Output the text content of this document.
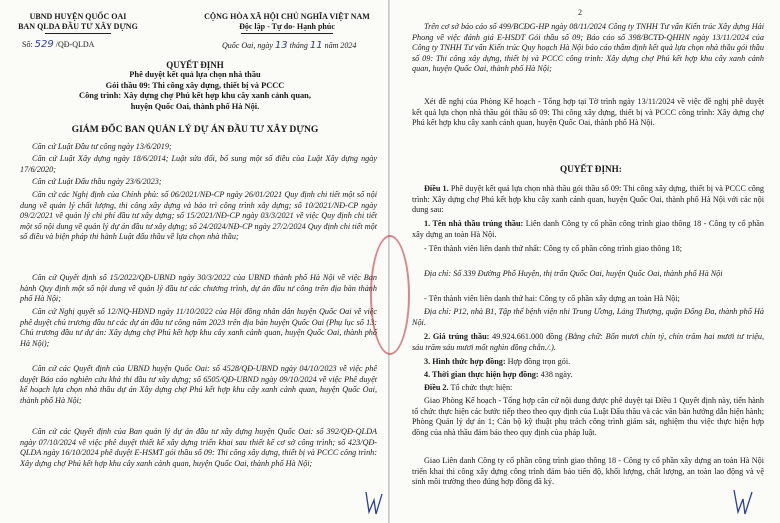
UBND HUYỆN QUỐC OAI
BAN QLDA ĐẦU TƯ XÂY DỰNG
Số: 529 /QĐ-QLDA
CỘNG HÒA XÃ HỘI CHỦ NGHĨA VIỆT NAM
Độc lập - Tự do- Hạnh phúc
Quốc Oai, ngày 13 tháng 11 năm 2024
QUYẾT ĐỊNH
Phê duyệt kết quả lựa chọn nhà thầu
Gói thầu 09: Thi công xây dựng, thiết bị và PCCC
Công trình: Xây dựng chợ Phú kết hợp khu cây xanh cảnh quan,
huyện Quốc Oai, thành phố Hà Nội.
GIÁM ĐỐC BAN QUẢN LÝ DỰ ÁN ĐẦU TƯ XÂY DỰNG
Căn cứ Luật Đầu tư công ngày 13/6/2019;
Căn cứ Luật Xây dựng ngày 18/6/2014; Luật sửa đổi, bổ sung một số điều của Luật Xây dựng ngày 17/6/2020;
Căn cứ Luật Đấu thầu ngày 23/6/2023;
Căn cứ các Nghị định của Chính phủ: số 06/2021/NĐ-CP ngày 26/01/2021 Quy định chi tiết một số nội dung về quản lý chất lượng, thi công xây dựng và bảo trì công trình xây dựng; số 10/2021/NĐ-CP ngày 09/2/2021 về quản lý chi phí đầu tư xây dựng; số 15/2021/NĐ-CP ngày 03/3/2021 về việc Quy định chi tiết một số nội dung về quản lý dự án đầu tư xây dựng; số 24/2024/NĐ-CP ngày 27/2/2024 Quy định chi tiết một số điều và biện pháp thi hành Luật đấu thầu về lựa chọn nhà thầu;
Căn cứ Quyết định số 15/2022/QĐ-UBND ngày 30/3/2022 của UBND thành phố Hà Nội về việc Ban hành Quy định một số nội dung về quản lý đầu tư các chương trình, dự án đầu tư công trên địa bàn thành phố Hà Nội;
Căn cứ Nghị quyết số 12/NQ-HĐND ngày 11/10/2022 của Hội đồng nhân dân huyện Quốc Oai về việc phê duyệt chủ trương đầu tư các dự án đầu tư công năm 2023 trên địa bàn huyện Quốc Oai (Phụ lục số 13: Chủ trương đầu tư dự án: Xây dựng chợ Phú kết hợp khu cây xanh cảnh quan, huyện Quốc Oai, thành phố Hà Nội);
Căn cứ các Quyết định của UBND huyện Quốc Oai: số 4528/QĐ-UBND ngày 04/10/2023 về việc phê duyệt Báo cáo nghiên cứu khả thi đầu tư xây dựng; số 6505/QĐ-UBND ngày 09/10/2024 về việc Phê duyệt kế hoạch lựa chọn nhà thầu dự án Xây dựng chợ Phú kết hợp khu cây xanh cảnh quan, huyện Quốc Oai, thành phố Hà Nội;
Căn cứ các Quyết định của Ban quản lý dự án đầu tư xây dựng huyện Quốc Oai: số 392/QĐ-QLDA ngày 07/10/2024 về việc phê duyệt thiết kế xây dựng triển khai sau thiết kế cơ sở công trình; số 423/QĐ-QLDA ngày 16/10/2024 phê duyệt E-HSMT gói thầu số 09: Thi công xây dựng, thiết bị và PCCC công trình: Xây dựng chợ Phú kết hợp khu cây xanh cảnh quan, huyện Quốc Oai, thành phố Hà Nội;
2
Trên cơ sở báo cáo số 499/BCĐG-HP ngày 08/11/2024 Công ty TNHH Tư vấn Kiến trúc Xây dựng Hải Phong về việc đánh giá E-HSDT Gói thầu số 09; Báo cáo số 398/BCTĐ-QHHN ngày 13/11/2024 của Công ty TNHH Tư vấn Kiến trúc Quy hoạch Hà Nội báo cáo thẩm định kết quả lựa chọn nhà thầu gói thầu số 09: Thi công xây dựng, thiết bị và PCCC công trình: Xây dựng chợ Phú kết hợp khu cây xanh cảnh quan, huyện Quốc Oai, thành phố Hà Nội;
Xét đề nghị của Phòng Kế hoạch - Tổng hợp tại Tờ trình ngày 13/11/2024 về việc đề nghị phê duyệt kết quả lựa chọn nhà thầu gói thầu số 09: Thi công xây dựng, thiết bị và PCCC công trình: Xây dựng chợ Phú kết hợp khu cây xanh cảnh quan, huyện Quốc Oai, thành phố Hà Nội.
QUYẾT ĐỊNH:
Điều 1. Phê duyệt kết quả lựa chọn nhà thầu gói thầu số 09: Thi công xây dựng, thiết bị và PCCC công trình: Xây dựng chợ Phú kết hợp khu cây xanh cảnh quan, huyện Quốc Oai, thành phố Hà Nội với các nội dung sau:
1. Tên nhà thầu trúng thầu: Liên danh Công ty cổ phần công trình giao thông 18 - Công ty cổ phần xây dựng an toàn Hà Nội.
- Tên thành viên liên danh thứ nhất: Công ty cổ phần công trình giao thông 18;
Địa chỉ: Số 339 Đường Phố Huyện, thị trấn Quốc Oai, huyện Quốc Oai, thành phố Hà Nội
- Tên thành viên liên danh thứ hai: Công ty cổ phần xây dựng an toàn Hà Nội;
Địa chỉ: P12, nhà B1, Tập thể bệnh viện nhi Trung Ương, Láng Thượng, quận Đống Đa, thành phố Hà Nội.
2. Giá trúng thầu: 49.924.661.000 đồng (Bằng chữ: Bốn mươi chín tỷ, chín trăm hai mươi tư triệu, sáu trăm sáu mươi mốt nghìn đồng chẵn./.).
3. Hình thức hợp đồng: Hợp đồng trọn gói.
4. Thời gian thực hiện hợp đồng: 438 ngày.
Điều 2. Tổ chức thực hiện:
Giao Phòng Kế hoạch - Tổng hợp căn cứ nội dung được phê duyệt tại Điều 1 Quyết định này, tiến hành tổ chức thực hiện các bước tiếp theo theo quy định của Luật Đấu thầu và các văn bản hướng dẫn hiện hành; Phòng Quản lý dự án 1; Cán bộ kỹ thuật phụ trách công trình giám sát, nghiệm thu việc thực hiện hợp đồng của nhà thầu đảm bảo theo quy định của pháp luật.
Giao Liên danh Công ty cổ phần công trình giao thông 18 - Công ty cổ phần xây dựng an toàn Hà Nội triển khai thi công xây dựng công trình đảm bảo tiến độ, khối lượng, chất lượng, an toàn lao động và vệ sinh môi trường theo đúng hợp đồng đã ký.
